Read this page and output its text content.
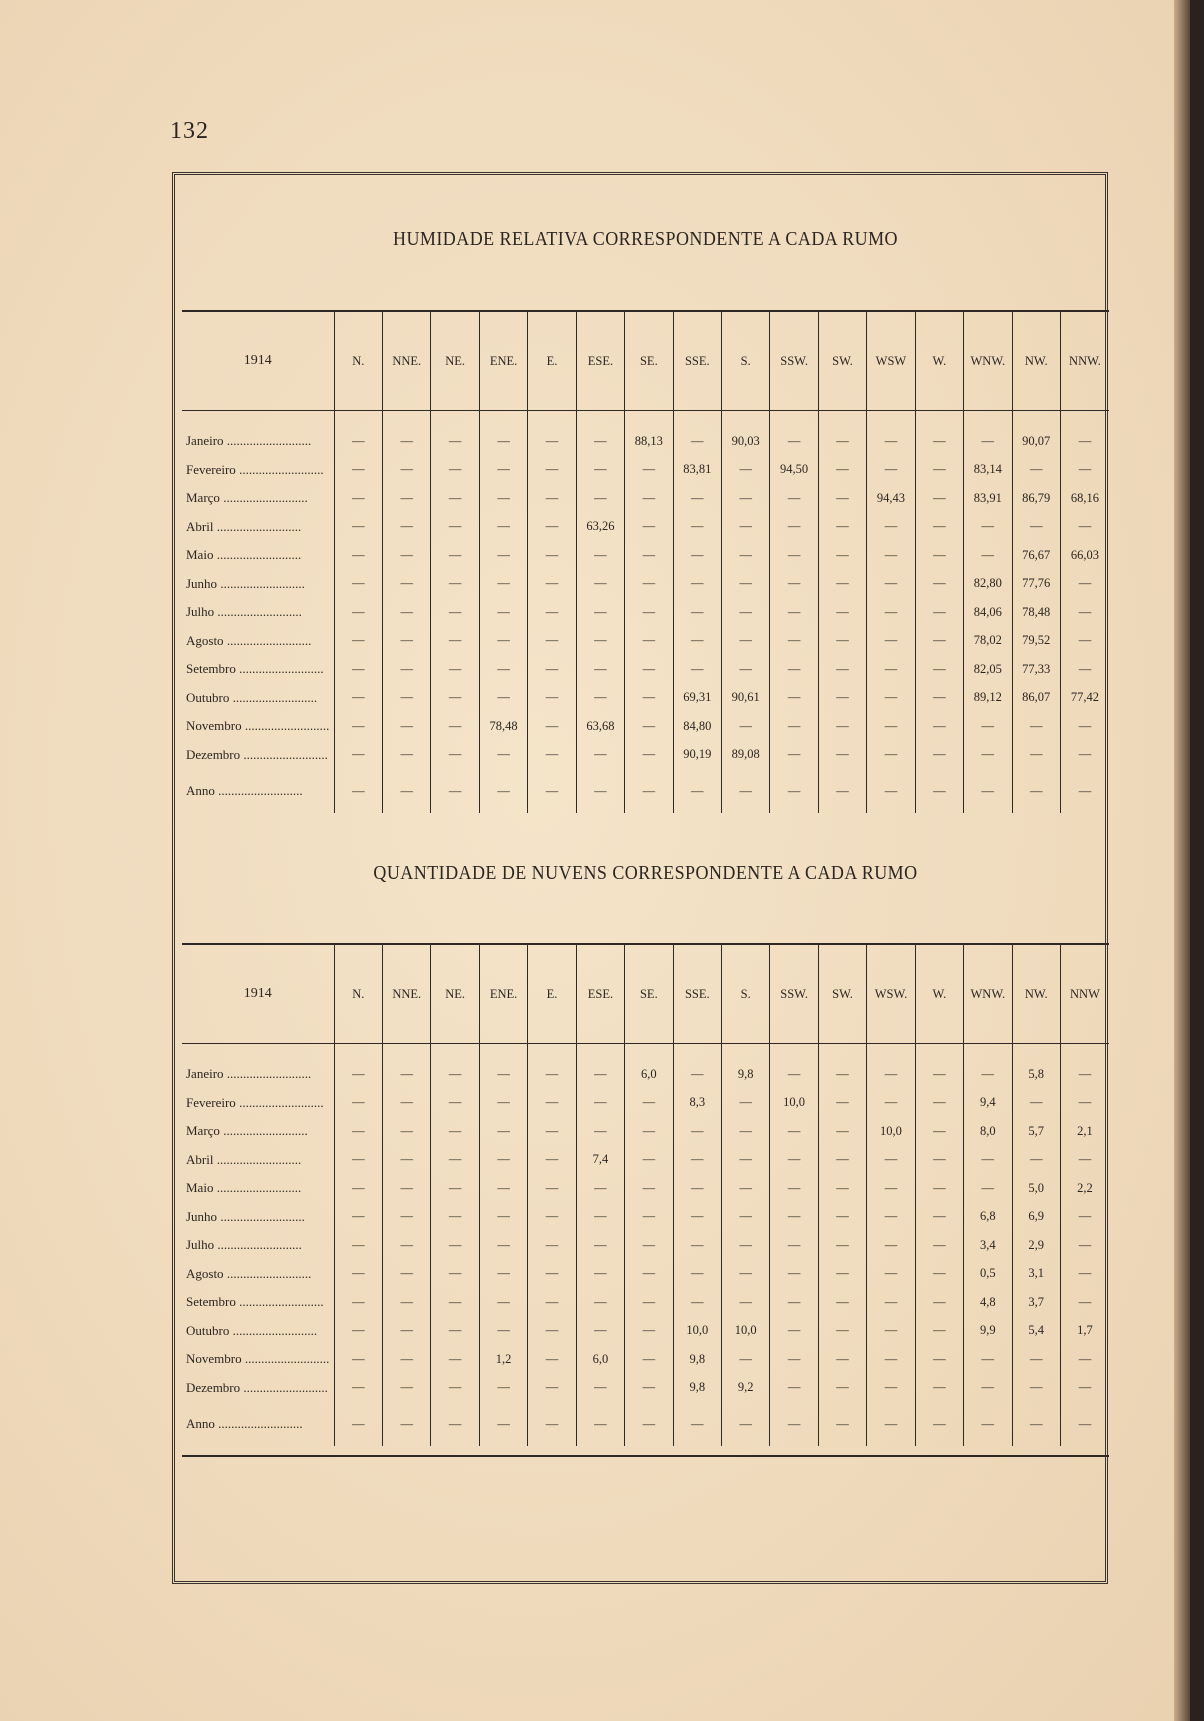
132
HUMIDADE RELATIVA CORRESPONDENTE A CADA RUMO
1914	N.	NNE.	NE.	ENE.	E.	ESE.	SE.	SSE.	S.	SSW.	SW.	WSW	W.	WNW.	NW.	NNW.
Janeiro ..........................	—	—	—	—	—	—	88,13	—	90,03	—	—	—	—	—	90,07	—
Fevereiro ..........................	—	—	—	—	—	—	—	83,81	—	94,50	—	—	—	83,14	—	—
Março ..........................	—	—	—	—	—	—	—	—	—	—	—	94,43	—	83,91	86,79	68,16
Abril ..........................	—	—	—	—	—	63,26	—	—	—	—	—	—	—	—	—	—
Maio ..........................	—	—	—	—	—	—	—	—	—	—	—	—	—	—	76,67	66,03
Junho ..........................	—	—	—	—	—	—	—	—	—	—	—	—	—	82,80	77,76	—
Julho ..........................	—	—	—	—	—	—	—	—	—	—	—	—	—	84,06	78,48	—
Agosto ..........................	—	—	—	—	—	—	—	—	—	—	—	—	—	78,02	79,52	—
Setembro ..........................	—	—	—	—	—	—	—	—	—	—	—	—	—	82,05	77,33	—
Outubro ..........................	—	—	—	—	—	—	—	69,31	90,61	—	—	—	—	89,12	86,07	77,42
Novembro ..........................	—	—	—	78,48	—	63,68	—	84,80	—	—	—	—	—	—	—	—
Dezembro ..........................	—	—	—	—	—	—	—	90,19	89,08	—	—	—	—	—	—	—
Anno ..........................	—	—	—	—	—	—	—	—	—	—	—	—	—	—	—	—
QUANTIDADE DE NUVENS CORRESPONDENTE A CADA RUMO
1914	N.	NNE.	NE.	ENE.	E.	ESE.	SE.	SSE.	S.	SSW.	SW.	WSW.	W.	WNW.	NW.	NNW
Janeiro ..........................	—	—	—	—	—	—	6,0	—	9,8	—	—	—	—	—	5,8	—
Fevereiro ..........................	—	—	—	—	—	—	—	8,3	—	10,0	—	—	—	9,4	—	—
Março ..........................	—	—	—	—	—	—	—	—	—	—	—	10,0	—	8,0	5,7	2,1
Abril ..........................	—	—	—	—	—	7,4	—	—	—	—	—	—	—	—	—	—
Maio ..........................	—	—	—	—	—	—	—	—	—	—	—	—	—	—	5,0	2,2
Junho ..........................	—	—	—	—	—	—	—	—	—	—	—	—	—	6,8	6,9	—
Julho ..........................	—	—	—	—	—	—	—	—	—	—	—	—	—	3,4	2,9	—
Agosto ..........................	—	—	—	—	—	—	—	—	—	—	—	—	—	0,5	3,1	—
Setembro ..........................	—	—	—	—	—	—	—	—	—	—	—	—	—	4,8	3,7	—
Outubro ..........................	—	—	—	—	—	—	—	10,0	10,0	—	—	—	—	9,9	5,4	1,7
Novembro ..........................	—	—	—	1,2	—	6,0	—	9,8	—	—	—	—	—	—	—	—
Dezembro ..........................	—	—	—	—	—	—	—	9,8	9,2	—	—	—	—	—	—	—
Anno ..........................	—	—	—	—	—	—	—	—	—	—	—	—	—	—	—	—
